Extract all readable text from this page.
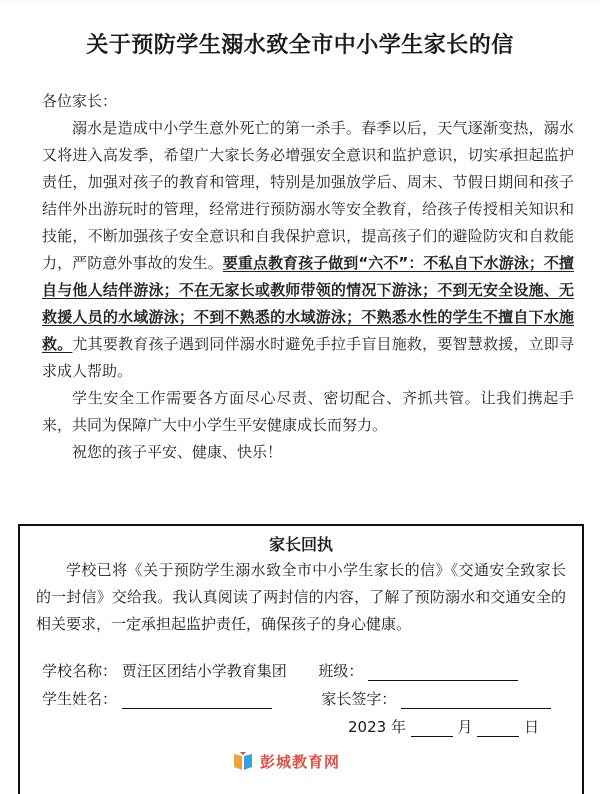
关于预防学生溺水致全市中小学生家长的信

各位家长：

溺水是造成中小学生意外死亡的第一杀手。春季以后，天气逐渐变热，溺水又将进入高发季，希望广大家长务必增强安全意识和监护意识，切实承担起监护责任，加强对孩子的教育和管理，特别是加强放学后、周末、节假日期间和孩子结伴外出游玩时的管理，经常进行预防溺水等安全教育，给孩子传授相关知识和技能，不断加强孩子安全意识和自我保护意识，提高孩子们的避险防灾和自救能力，严防意外事故的发生。要重点教育孩子做到“六不”：不私自下水游泳；不擅自与他人结伴游泳；不在无家长或教师带领的情况下游泳；不到无安全设施、无救援人员的水域游泳；不到不熟悉的水域游泳；不熟悉水性的学生不擅自下水施救。尤其要教育孩子遇到同伴溺水时避免手拉手盲目施救，要智慧救援，立即寻求成人帮助。

学生安全工作需要各方面尽心尽责、密切配合、齐抓共管。让我们携起手来，共同为保障广大中小学生平安健康成长而努力。

祝您的孩子平安、健康、快乐！

家长回执
学校已将《关于预防学生溺水致全市中小学生家长的信》《交通安全致家长的一封信》交给我。我认真阅读了两封信的内容，了解了预防溺水和交通安全的相关要求，一定承担起监护责任，确保孩子的身心健康。
学校名称： 贾汪区团结小学教育集团 班级：
学生姓名：	家长签字：
2023 年	月	日
彭城教育网
